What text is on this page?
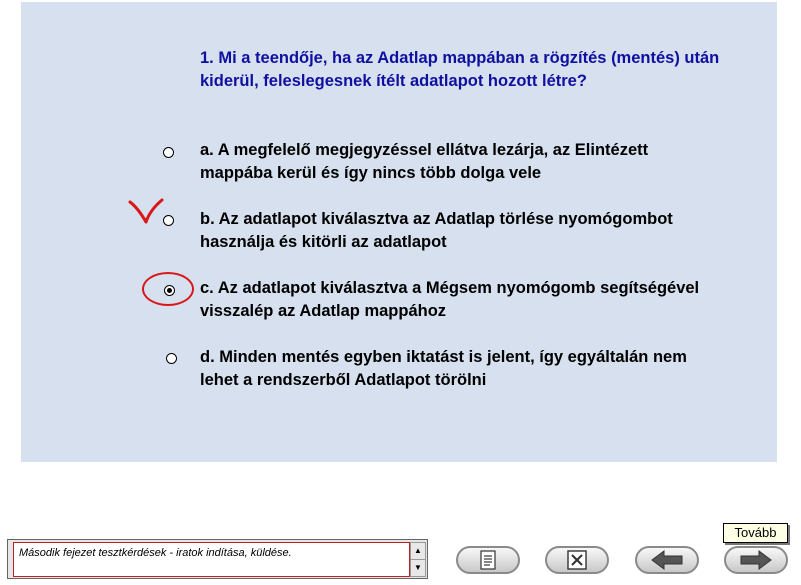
1. Mi a teendője, ha az Adatlap mappában a rögzítés (mentés) után kiderül, feleslegesnek ítélt adatlapot hozott létre?

a. A megfelelő megjegyzéssel ellátva lezárja, az Elintézett mappába kerül és így nincs több dolga vele
b. Az adatlapot kiválasztva az Adatlap törlése nyomógombot használja és kitörli az adatlapot
c. Az adatlapot kiválasztva a Mégsem nyomógomb segítségével visszalép az Adatlap mappához
d. Minden mentés egyben iktatást is jelent, így egyáltalán nem lehet a rendszerből Adatlapot törölni
Második fejezet tesztkérdések - iratok indítása, küldése.	▲
▼
Tovább
